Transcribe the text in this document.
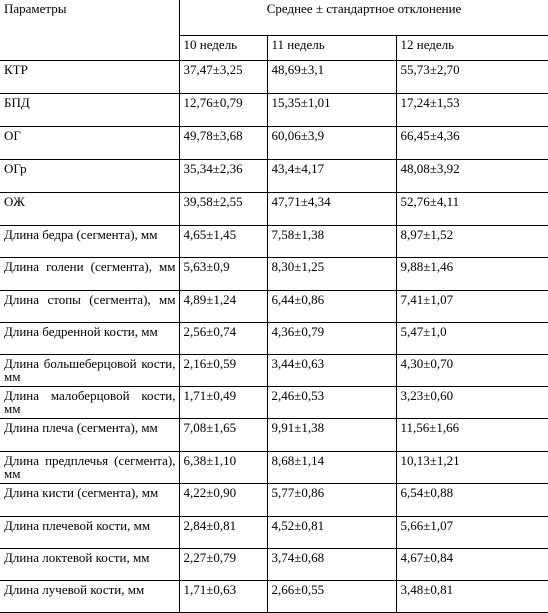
Параметры	Среднее ± стандартное отклонение		
	10 недель	11 недель	12 недель
КТР	37,47±3,25	48,69±3,1	55,73±2,70
БПД	12,76±0,79	15,35±1,01	17,24±1,53
ОГ	49,78±3,68	60,06±3,9	66,45±4,36
ОГр	35,34±2,36	43,4±4,17	48,08±3,92
ОЖ	39,58±2,55	47,71±4,34	52,76±4,11
Длина бедра (сегмента), мм	4,65±1,45	7,58±1,38	8,97±1,52
Длина голени (сегмента), мм	5,63±0,9	8,30±1,25	9,88±1,46
Длина стопы (сегмента), мм	4,89±1,24	6,44±0,86	7,41±1,07
Длина бедренной кости, мм	2,56±0,74	4,36±0,79	5,47±1,0
Длина большеберцовой кости, мм	2,16±0,59	3,44±0,63	4,30±0,70
Длина малоберцовой кости, мм	1,71±0,49	2,46±0,53	3,23±0,60
Длина плеча (сегмента), мм	7,08±1,65	9,91±1,38	11,56±1,66
Длина предплечья (сегмента), мм	6,38±1,10	8,68±1,14	10,13±1,21
Длина кисти (сегмента), мм	4,22±0,90	5,77±0,86	6,54±0,88
Длина плечевой кости, мм	2,84±0,81	4,52±0,81	5,66±1,07
Длина локтевой кости, мм	2,27±0,79	3,74±0,68	4,67±0,84
Длина лучевой кости, мм	1,71±0,63	2,66±0,55	3,48±0,81
